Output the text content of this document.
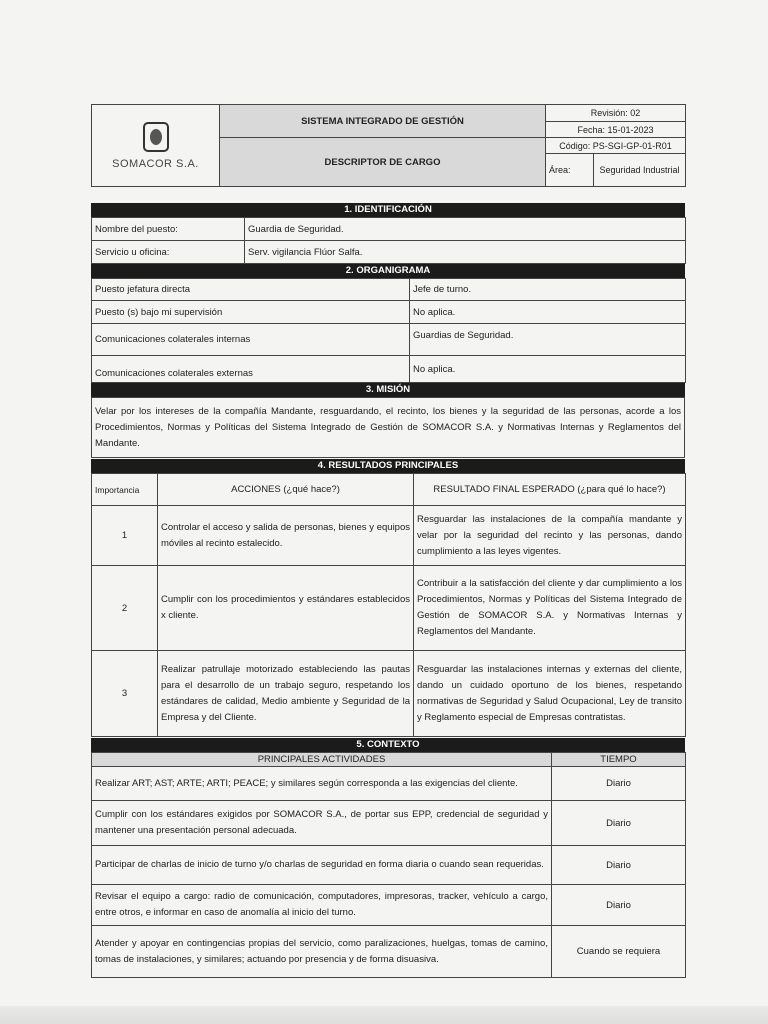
SOMACOR S.A.	SISTEMA INTEGRADO DE GESTIÓN	Revisión: 02	
		Fecha: 15-01-2023	
	DESCRIPTOR DE CARGO	Código: PS-SGI-GP-01-R01	
		Área:	Seguridad Industrial
1. IDENTIFICACIÓN
Nombre del puesto:	Guardia de Seguridad.
Servicio u oficina:	Serv. vigilancia Flúor Salfa.
2. ORGANIGRAMA
Puesto jefatura directa	Jefe de turno.
Puesto (s) bajo mi supervisión	No aplica.
Comunicaciones colaterales internas	Guardias de Seguridad.
Comunicaciones colaterales externas	No aplica.
3. MISIÓN
Velar por los intereses de la compañía Mandante, resguardando, el recinto, los bienes y la seguridad de las personas, acorde a los Procedimientos, Normas y Políticas del Sistema Integrado de Gestión de SOMACOR S.A. y Normativas Internas y Reglamentos del Mandante.
4. RESULTADOS PRINCIPALES
Importancia	ACCIONES (¿qué hace?)	RESULTADO FINAL ESPERADO (¿para qué lo hace?)
1	Controlar el acceso y salida de personas, bienes y equipos móviles al recinto estalecido.	Resguardar las instalaciones de la compañía mandante y velar por la seguridad del recinto y las personas, dando cumplimiento a las leyes vigentes.
2	Cumplir con los procedimientos y estándares establecidos x cliente.	Contribuir a la satisfacción del cliente y dar cumplimiento a los Procedimientos, Normas y Políticas del Sistema Integrado de Gestión de SOMACOR S.A. y Normativas Internas y Reglamentos del Mandante.
3	Realizar patrullaje motorizado estableciendo las pautas para el desarrollo de un trabajo seguro, respetando los estándares de calidad, Medio ambiente y Seguridad de la Empresa y del Cliente.	Resguardar las instalaciones internas y externas del cliente, dando un cuidado oportuno de los bienes, respetando normativas de Seguridad y Salud Ocupacional, Ley de transito y Reglamento especial de Empresas contratistas.
5. CONTEXTO
PRINCIPALES ACTIVIDADES	TIEMPO
Realizar ART; AST; ARTE; ARTI; PEACE; y similares según corresponda a las exigencias del cliente.	Diario
Cumplir con los estándares exigidos por SOMACOR S.A., de portar sus EPP, credencial de seguridad y mantener una presentación personal adecuada.	Diario
Participar de charlas de inicio de turno y/o charlas de seguridad en forma diaria o cuando sean requeridas.	Diario
Revisar el equipo a cargo: radio de comunicación, computadores, impresoras, tracker, vehículo a cargo, entre otros, e informar en caso de anomalía al inicio del turno.	Diario
Atender y apoyar en contingencias propias del servicio, como paralizaciones, huelgas, tomas de camino, tomas de instalaciones, y similares; actuando por presencia y de forma disuasiva.	Cuando se requiera
